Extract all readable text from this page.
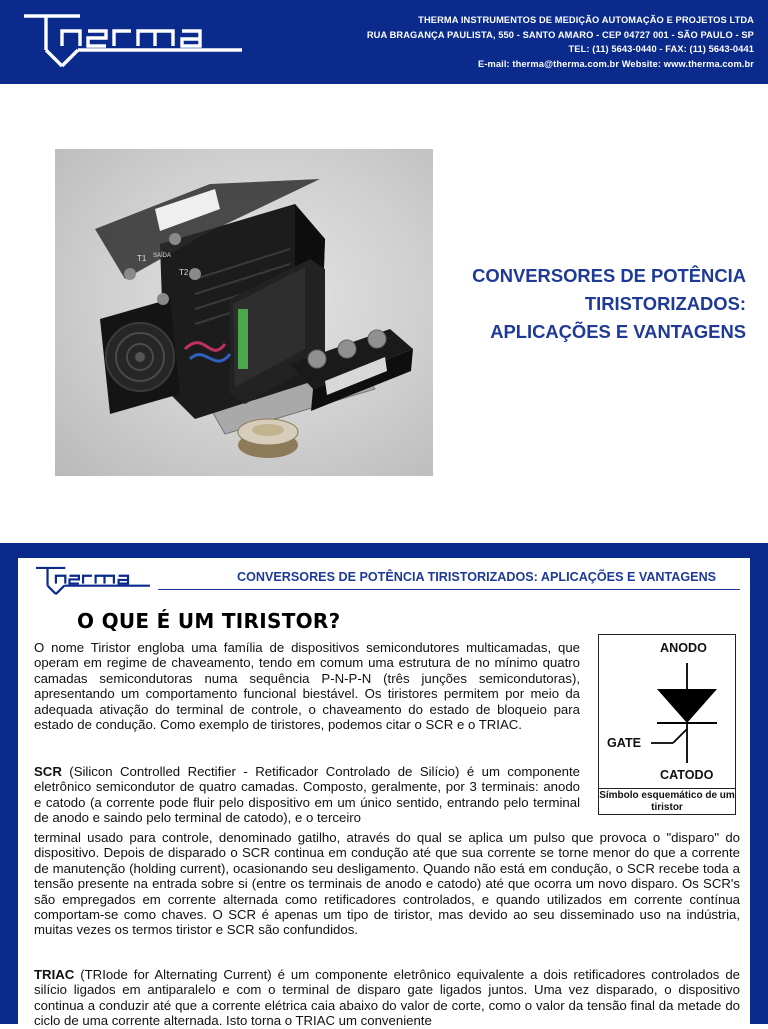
THERMA INSTRUMENTOS DE MEDIÇÃO AUTOMAÇÃO E PROJETOS LTDA
RUA BRAGANÇA PAULISTA, 550 - SANTO AMARO - CEP 04727 001 - SÃO PAULO - SP
TEL: (11) 5643-0440 - FAX: (11) 5643-0441
E-mail: therma@therma.com.br Website: www.therma.com.br
T1
T2
SAÍDA
CONVERSORES DE POTÊNCIA
TIRISTORIZADOS:
APLICAÇÕES E VANTAGENS
CONVERSORES DE POTÊNCIA TIRISTORIZADOS: APLICAÇÕES E VANTAGENS
O QUE É UM TIRISTOR?

O nome Tiristor engloba uma família de dispositivos semicondutores multicamadas, que operam em regime de chaveamento, tendo em comum uma estrutura de no mínimo quatro camadas semicondutoras numa sequência P-N-P-N (três junções semicondutoras), apresentando um comportamento funcional biestável. Os tiristores permitem por meio da adequada ativação do terminal de controle, o chaveamento do estado de bloqueio para estado de condução. Como exemplo de tiristores, podemos citar o SCR e o TRIAC.

SCR (Silicon Controlled Rectifier - Retificador Controlado de Silício) é um componente eletrônico semicondutor de quatro camadas. Composto, geralmente, por 3 terminais: anodo e catodo (a corrente pode fluir pelo dispositivo em um único sentido, entrando pelo terminal de anodo e saindo pelo terminal de catodo), e o terceiro

terminal usado para controle, denominado gatilho, através do qual se aplica um pulso que provoca o "disparo" do dispositivo. Depois de disparado o SCR continua em condução até que sua corrente se torne menor do que a corrente de manutenção (holding current), ocasionando seu desligamento. Quando não está em condução, o SCR recebe toda a tensão presente na entrada sobre si (entre os terminais de anodo e catodo) até que ocorra um novo disparo. Os SCR's são empregados em corrente alternada como retificadores controlados, e quando utilizados em corrente contínua comportam-se como chaves. O SCR é apenas um tipo de tiristor, mas devido ao seu disseminado uso na indústria, muitas vezes os termos tiristor e SCR são confundidos.

TRIAC (TRIode for Alternating Current) é um componente eletrônico equivalente a dois retificadores controlados de silício ligados em antiparalelo e com o terminal de disparo gate ligados juntos. Uma vez disparado, o dispositivo continua a conduzir até que a corrente elétrica caia abaixo do valor de corte, como o valor da tensão final da metade do ciclo de uma corrente alternada. Isto torna o TRIAC um conveniente

ANODO
GATE
CATODO
Símbolo esquemático de um tiristor
